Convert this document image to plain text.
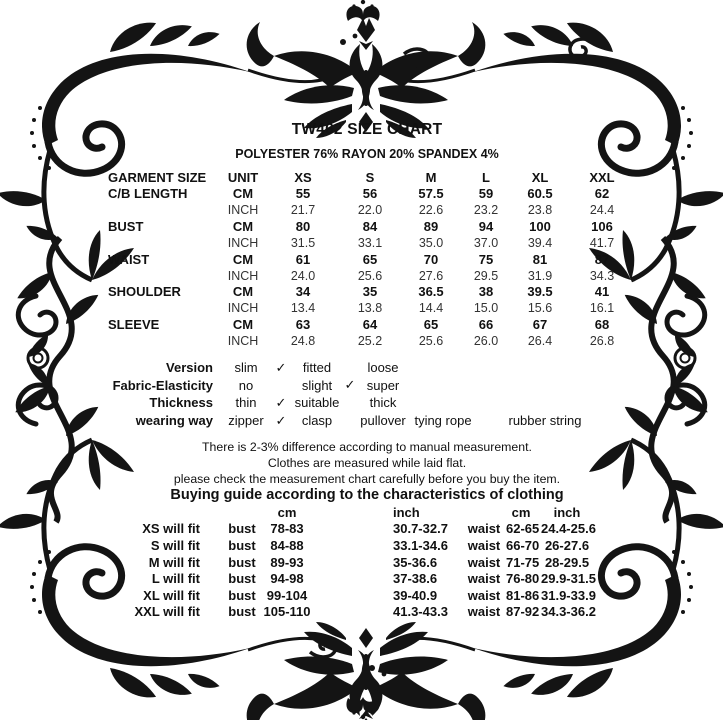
TW462 SIZE CHART
POLYESTER 76% RAYON 20% SPANDEX 4%
GARMENT SIZE	UNIT	XS	S	M	L	XL	XXL
C/B LENGTH	CM	55	56	57.5	59	60.5	62
INCH	21.7	22.0	22.6	23.2	23.8	24.4
BUST	CM	80	84	89	94	100	106
INCH	31.5	33.1	35.0	37.0	39.4	41.7
WAIST	CM	61	65	70	75	81	87
INCH	24.0	25.6	27.6	29.5	31.9	34.3
SHOULDER	CM	34	35	36.5	38	39.5	41
INCH	13.4	13.8	14.4	15.0	15.6	16.1
SLEEVE	CM	63	64	65	66	67	68
INCH	24.8	25.2	25.6	26.0	26.4	26.8
Version	slim	✓	fitted	loose
Fabric-Elasticity	no	slight ✓ super
Thickness	thin	✓ suitable	thick
wearing way	zipper ✓	clasp	pullover tying rope	rubber string
There is 2-3% difference according to manual measurement.
Clothes are measured while laid flat.
please check the measurement chart carefully before you buy the item.
Buying guide according to the characteristics of clothing
cm	inch	cm	inch
XS will fit	bust	78-83	30.7-32.7	waist 62-65 24.4-25.6
S will fit	bust	84-88	33.1-34.6	waist 66-70 26-27.6
M will fit	bust	89-93	35-36.6	waist 71-75 28-29.5
L will fit	bust	94-98	37-38.6	waist 76-80 29.9-31.5
XL will fit	bust 99-104	39-40.9	waist 81-86 31.9-33.9
XXL will fit	bust 105-110	41.3-43.3	waist 87-92 34.3-36.2
